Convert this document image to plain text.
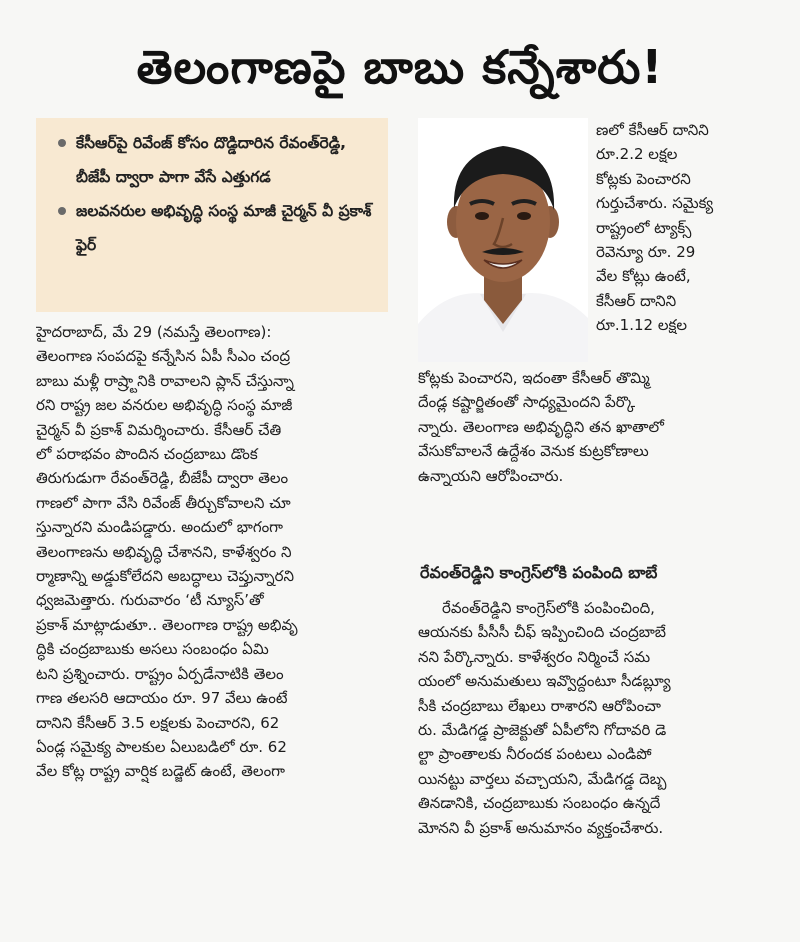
తెలంగాణపై బాబు కన్నేశారు!
కేసీఆర్‌పై రివేంజ్ కోసం దొడ్డిదారిన రేవంత్‌రెడ్డి, బీజేపీ ద్వారా పాగా వేసే ఎత్తుగడ
జలవనరుల అభివృద్ధి సంస్థ మాజీ చైర్మన్ వీ ప్రకాశ్ ఫైర్
హైదరాబాద్, మే 29 (నమస్తే తెలంగాణ):
తెలంగాణ సంపదపై కన్నేసిన ఏపీ సీఎం చంద్ర
బాబు మళ్లీ రాష్ర్టానికి రావాలని ప్లాన్ చేస్తున్నా
రని రాష్ట్ర జల వనరుల అభివృద్ధి సంస్థ మాజీ
చైర్మన్ వీ ప్రకాశ్ విమర్శించారు. కేసీఆర్ చేతి
లో పరాభవం పొందిన చంద్రబాబు డొంక
తిరుగుడుగా రేవంత్‌రెడ్డి, బీజేపీ ద్వారా తెలం
గాణలో పాగా వేసి రివేంజ్ తీర్చుకోవాలని చూ
స్తున్నారని మండిపడ్డారు. అందులో భాగంగా
తెలంగాణను అభివృద్ధి చేశానని, కాళేశ్వరం ని
ర్మాణాన్ని అడ్డుకోలేదని అబద్ధాలు చెప్తున్నారని
ధ్వజమెత్తారు. గురువారం ‘టీ న్యూస్’తో
ప్రకాశ్ మాట్లాడుతూ.. తెలంగాణ రాష్ట్ర అభివృ
ద్ధికి చంద్రబాబుకు అసలు సంబంధం ఏమి
టని ప్రశ్నించారు. రాష్ట్రం ఏర్పడేనాటికి తెలం
గాణ తలసరి ఆదాయం రూ. 97 వేలు ఉంటే
దానిని కేసీఆర్ 3.5 లక్షలకు పెంచారని, 62
ఏండ్ల సమైక్య పాలకుల ఏలుబడిలో రూ. 62
వేల కోట్ల రాష్ట్ర వార్షిక బడ్జెట్ ఉంటే, తెలంగా
ణలో కేసీఆర్ దానిని
రూ.2.2 లక్షల
కోట్లకు పెంచారని
గుర్తుచేశారు. సమైక్య
రాష్ట్రంలో ట్యాక్స్
రెవెన్యూ రూ. 29
వేల కోట్లు ఉంటే,
కేసీఆర్ దానిని
రూ.1.12 లక్షల
కోట్లకు పెంచారని, ఇదంతా కేసీఆర్ తొమ్మి
దేండ్ల కష్టార్జితంతో సాధ్యమైందని పేర్కొ
న్నారు. తెలంగాణ అభివృద్ధిని తన ఖాతాలో
వేసుకోవాలనే ఉద్దేశం వెనుక కుట్రకోణాలు
ఉన్నాయని ఆరోపించారు.
రేవంత్‌రెడ్డిని కాంగ్రెస్‌లోకి పంపింది బాబే
రేవంత్‌రెడ్డిని కాంగ్రెస్‌లోకి పంపించింది,
ఆయనకు పీసీసీ చీఫ్ ఇప్పించింది చంద్రబాబే
నని పేర్కొన్నారు. కాళేశ్వరం నిర్మించే సమ
యంలో అనుమతులు ఇవ్వొద్దంటూ సీడబ్ల్యూ
సీకి చంద్రబాబు లేఖలు రాశారని ఆరోపించా
రు. మేడిగడ్డ ప్రాజెక్టుతో ఏపీలోని గోదావరి డె
ల్టా ప్రాంతాలకు నీరందక పంటలు ఎండిపో
యినట్టు వార్తలు వచ్చాయని, మేడిగడ్డ దెబ్బ
తినడానికి, చంద్రబాబుకు సంబంధం ఉన్నదే
మోనని వీ ప్రకాశ్ అనుమానం వ్యక్తంచేశారు.
